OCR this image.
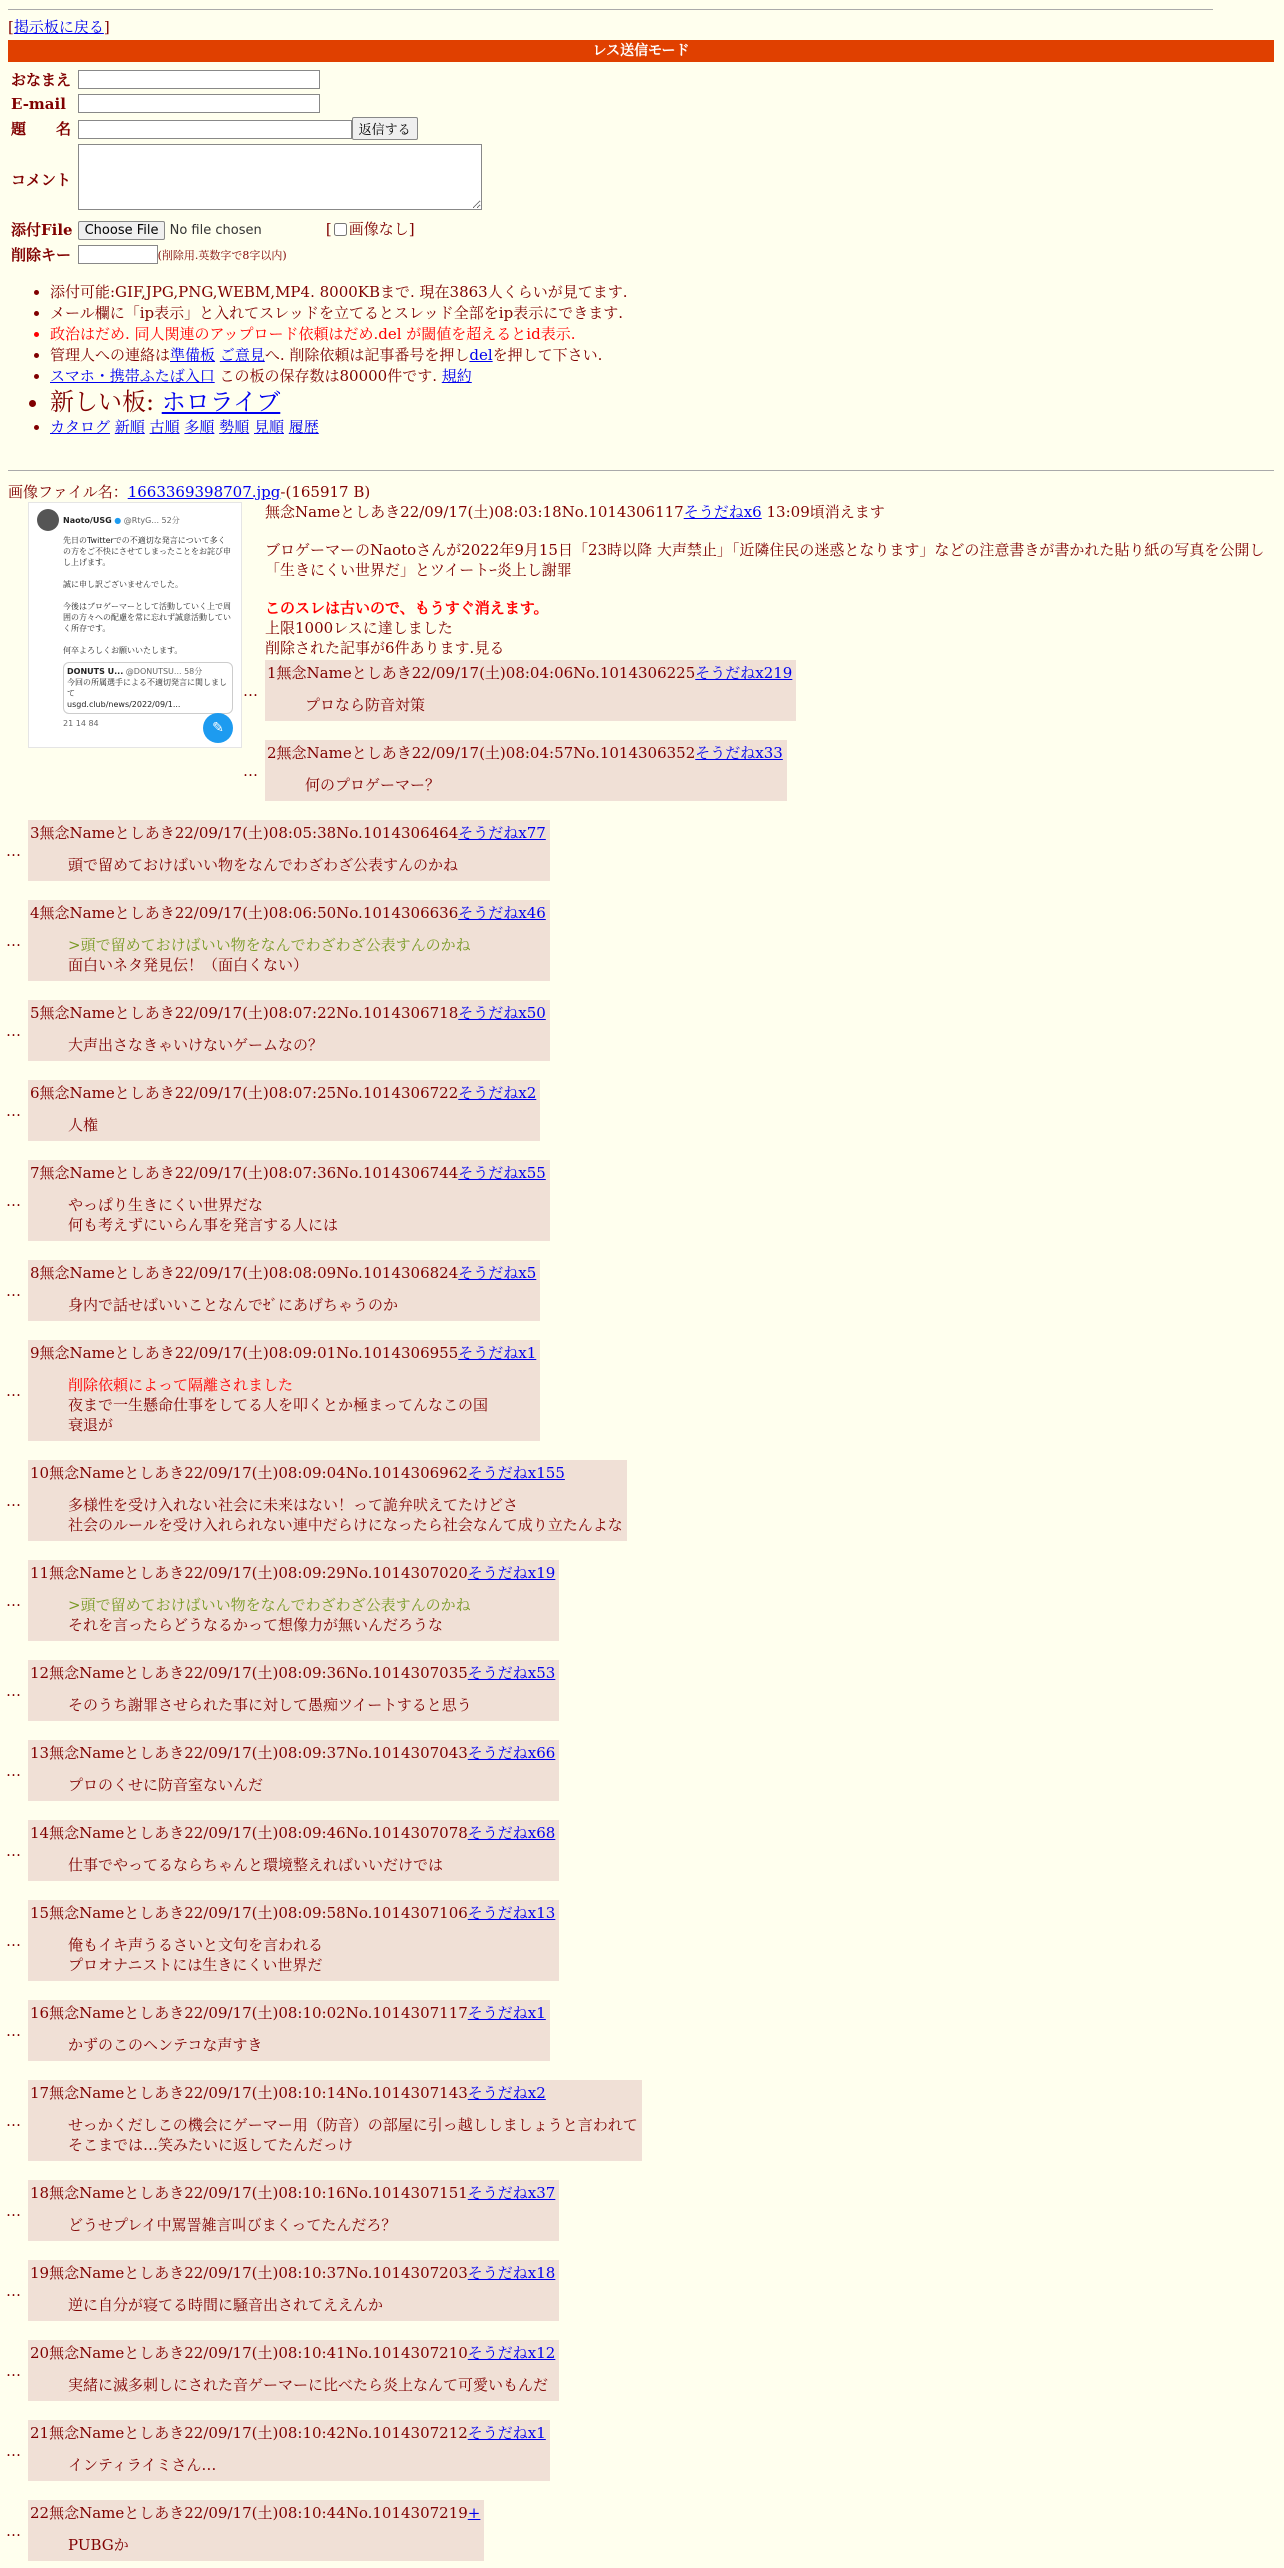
[掲示板に戻る]
レス送信モード
おなまえ	
E-mail	
題　　名	返信する
コメント	
添付File	Choose File No file chosen [ 画像なし]
削除キー	(削除用.英数字で8字以内)
• 添付可能:GIF,JPG,PNG,WEBM,MP4. 8000KBまで. 現在3863人くらいが見てます.
• メール欄に「ip表示」と入れてスレッドを立てるとスレッド全部をip表示にできます.
• 政治はだめ. 同人関連のアップロード依頼はだめ.del が閾値を超えるとid表示.
• 管理人への連絡は準備板 ご意見へ. 削除依頼は記事番号を押しdelを押して下さい.
• スマホ・携帯ふたば入口 この板の保存数は80000件です. 規約
• 新しい板: ホロライブ
• カタログ 新順 古順 多順 勢順 見順 履歴
画像ファイル名：1663369398707.jpg-(165917 B)
Naoto/USG ● @RtyG... 52分
先日のTwitterでの不適切な発言について多くの方をご不快にさせてしまったことをお詫び申し上げます。

誠に申し訳ございませんでした。

今後はブロゲーマーとして活動していく上で周囲の方々への配慮を常に忘れず誠意活動していく所存です。

何卒よろしくお願いいたします。
DONUTS U... @DONUTSU... 58分
今回の所属選手による不適切発言に関しまして
usgd.club/news/2022/09/1...
21 14 84	✎

無念Nameとしあき22/09/17(土)08:03:18No.1014306117そうだねx6 13:09頃消えます

ブロゲーマーのNaotoさんが2022年9月15日「23時以降 大声禁止」「近隣住民の迷惑となります」などの注意書きが書かれた貼り紙の写真を公開し「生きにくい世界だ」とツイートｰ炎上し謝罪

このスレは古いので、もうすぐ消えます。

上限1000レスに達しました

削除された記事が6件あります.見る

…
1無念Nameとしあき22/09/17(土)08:04:06No.1014306225そうだねx219
プロなら防音対策
…
2無念Nameとしあき22/09/17(土)08:04:57No.1014306352そうだねx33
何のプロゲーマー？
…
3無念Nameとしあき22/09/17(土)08:05:38No.1014306464そうだねx77
頭で留めておけばいい物をなんでわざわざ公表すんのかね
…
4無念Nameとしあき22/09/17(土)08:06:50No.1014306636そうだねx46
>頭で留めておけばいい物をなんでわざわざ公表すんのかね
面白いネタ発見伝！（面白くない）
…
5無念Nameとしあき22/09/17(土)08:07:22No.1014306718そうだねx50
大声出さなきゃいけないゲームなの？
…
6無念Nameとしあき22/09/17(土)08:07:25No.1014306722そうだねx2
人権
…
7無念Nameとしあき22/09/17(土)08:07:36No.1014306744そうだねx55
やっぱり生きにくい世界だな
何も考えずにいらん事を発言する人には
…
8無念Nameとしあき22/09/17(土)08:08:09No.1014306824そうだねx5
身内で話せばいいことなんでｾﾞにあげちゃうのか
…
9無念Nameとしあき22/09/17(土)08:09:01No.1014306955そうだねx1
削除依頼によって隔離されました
夜まで一生懸命仕事をしてる人を叩くとか極まってんなこの国
衰退が
…
10無念Nameとしあき22/09/17(土)08:09:04No.1014306962そうだねx155
多様性を受け入れない社会に未来はない！って詭弁吠えてたけどさ
社会のルールを受け入れられない連中だらけになったら社会なんて成り立たんよな
…
11無念Nameとしあき22/09/17(土)08:09:29No.1014307020そうだねx19
>頭で留めておけばいい物をなんでわざわざ公表すんのかね
それを言ったらどうなるかって想像力が無いんだろうな
…
12無念Nameとしあき22/09/17(土)08:09:36No.1014307035そうだねx53
そのうち謝罪させられた事に対して愚痴ツイートすると思う
…
13無念Nameとしあき22/09/17(土)08:09:37No.1014307043そうだねx66
プロのくせに防音室ないんだ
…
14無念Nameとしあき22/09/17(土)08:09:46No.1014307078そうだねx68
仕事でやってるならちゃんと環境整えればいいだけでは
…
15無念Nameとしあき22/09/17(土)08:09:58No.1014307106そうだねx13
俺もイキ声うるさいと文句を言われる
プロオナニストには生きにくい世界だ
…
16無念Nameとしあき22/09/17(土)08:10:02No.1014307117そうだねx1
かずのこのヘンテコな声すき
…
17無念Nameとしあき22/09/17(土)08:10:14No.1014307143そうだねx2
せっかくだしこの機会にゲーマー用（防音）の部屋に引っ越ししましょうと言われて
そこまでは…笑みたいに返してたんだっけ
…
18無念Nameとしあき22/09/17(土)08:10:16No.1014307151そうだねx37
どうせプレイ中罵詈雑言叫びまくってたんだろ？
…
19無念Nameとしあき22/09/17(土)08:10:37No.1014307203そうだねx18
逆に自分が寝てる時間に騒音出されてええんか
…
20無念Nameとしあき22/09/17(土)08:10:41No.1014307210そうだねx12
実緒に滅多刺しにされた音ゲーマーに比べたら炎上なんて可愛いもんだ
…
21無念Nameとしあき22/09/17(土)08:10:42No.1014307212そうだねx1
インティライミさん…
…
22無念Nameとしあき22/09/17(土)08:10:44No.1014307219+
PUBGか
